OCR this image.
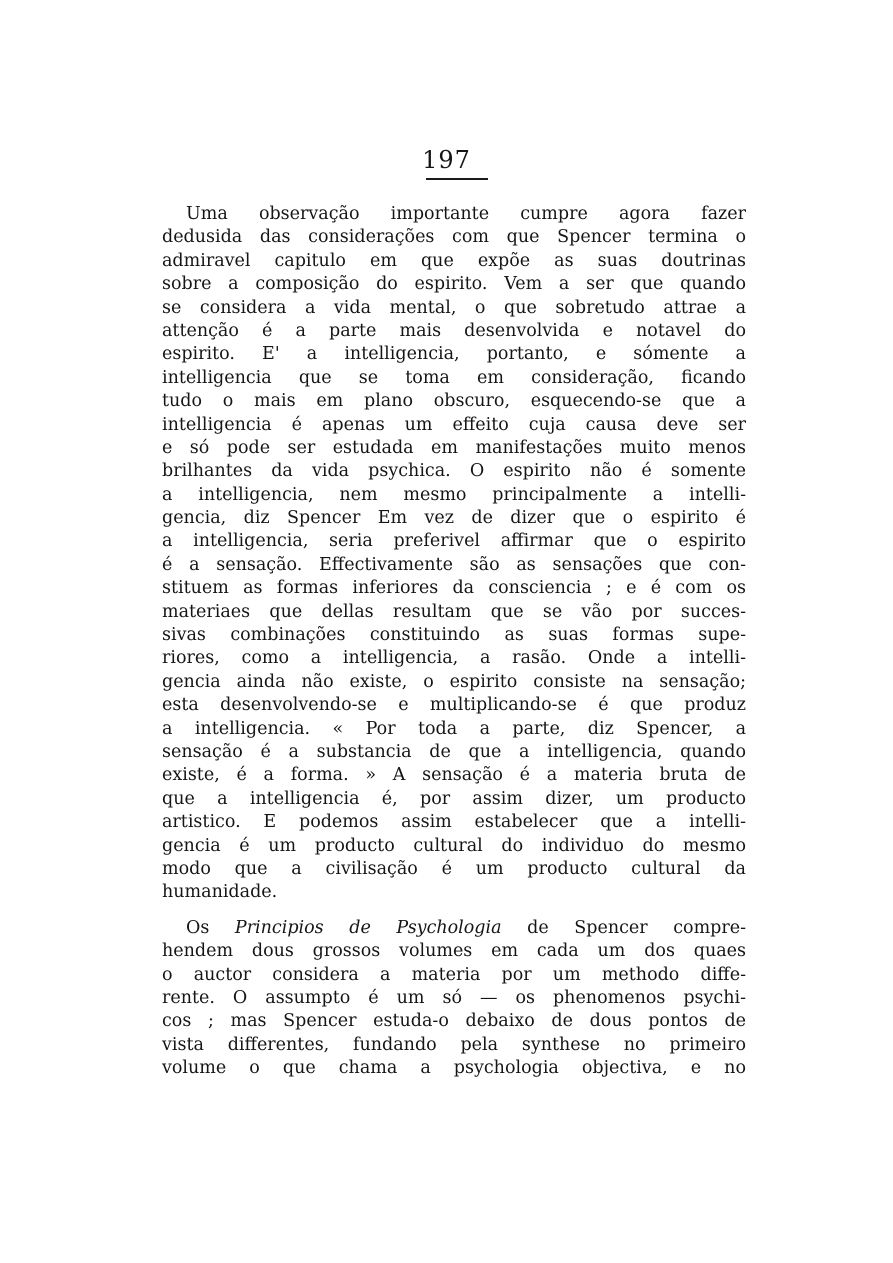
197
Uma observação importante cumpre agora fazer
dedusida das considerações com que Spencer termina o
admiravel capitulo em que expõe as suas doutrinas
sobre a composição do espirito. Vem a ser que quando
se considera a vida mental, o que sobretudo attrae a
attenção é a parte mais desenvolvida e notavel do
espirito. E' a intelligencia, portanto, e sómente a
intelligencia que se toma em consideração, ficando
tudo o mais em plano obscuro, esquecendo-se que a
intelligencia é apenas um effeito cuja causa deve ser
e só pode ser estudada em manifestações muito menos
brilhantes da vida psychica. O espirito não é somente
a intelligencia, nem mesmo principalmente a intelli-
gencia, diz Spencer Em vez de dizer que o espirito é
a intelligencia, seria preferivel affirmar que o espirito
é a sensação. Effectivamente são as sensações que con-
stituem as formas inferiores da consciencia ; e é com os
materiaes que dellas resultam que se vão por succes-
sivas combinações constituindo as suas formas supe-
riores, como a intelligencia, a rasão. Onde a intelli-
gencia ainda não existe, o espirito consiste na sensação;
esta desenvolvendo-se e multiplicando-se é que produz
a intelligencia. « Por toda a parte, diz Spencer, a
sensação é a substancia de que a intelligencia, quando
existe, é a forma. » A sensação é a materia bruta de
que a intelligencia é, por assim dizer, um producto
artistico. E podemos assim estabelecer que a intelli-
gencia é um producto cultural do individuo do mesmo
modo que a civilisação é um producto cultural da
humanidade.
Os Principios de Psychologia de Spencer compre-
hendem dous grossos volumes em cada um dos quaes
o auctor considera a materia por um methodo diffe-
rente. O assumpto é um só — os phenomenos psychi-
cos ; mas Spencer estuda-o debaixo de dous pontos de
vista differentes, fundando pela synthese no primeiro
volume o que chama a psychologia objectiva, e no
